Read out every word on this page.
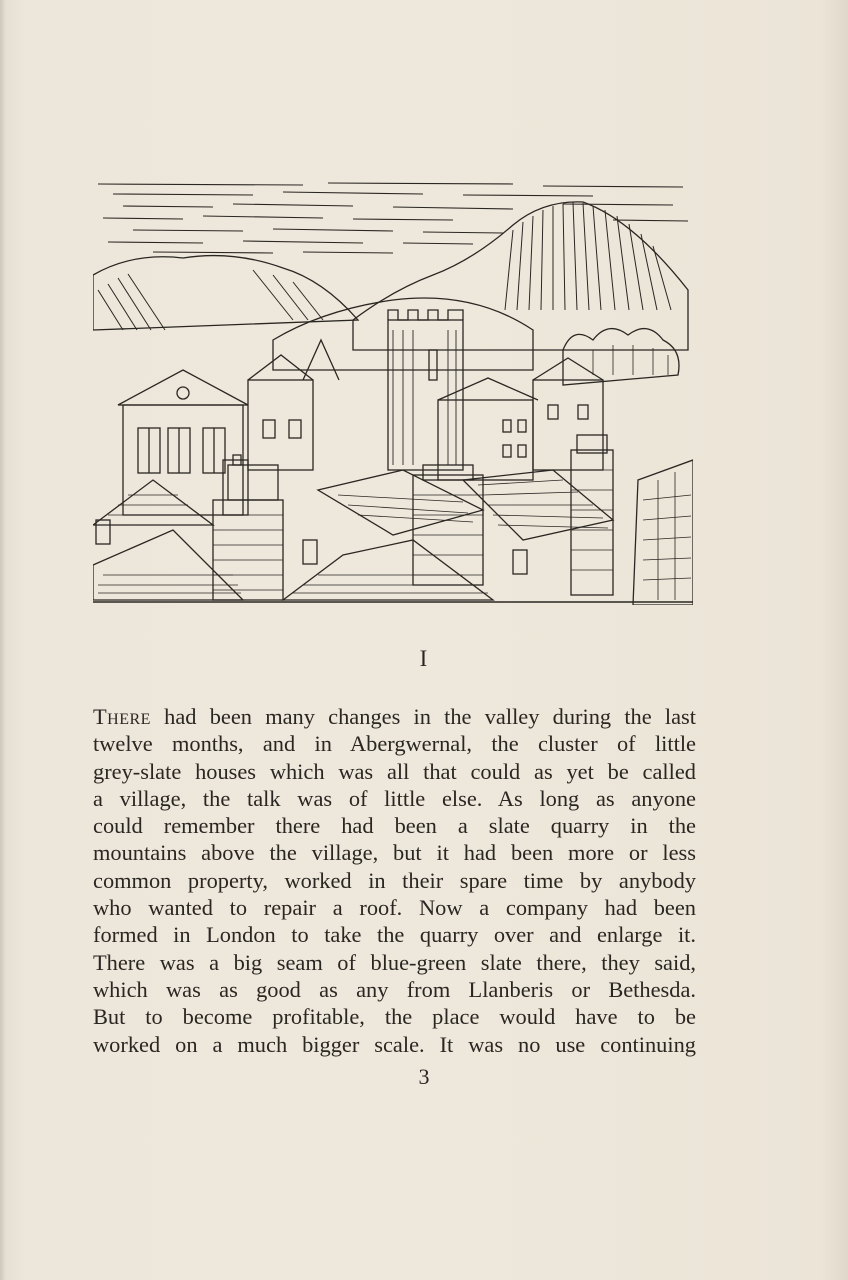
I
There had been many changes in the valley during the last
twelve months, and in Abergwernal, the cluster of little
grey-slate houses which was all that could as yet be called
a village, the talk was of little else. As long as anyone
could remember there had been a slate quarry in the
mountains above the village, but it had been more or less
common property, worked in their spare time by anybody
who wanted to repair a roof. Now a company had been
formed in London to take the quarry over and enlarge it.
There was a big seam of blue-green slate there, they said,
which was as good as any from Llanberis or Bethesda.
But to become profitable, the place would have to be
worked on a much bigger scale. It was no use continuing
3
